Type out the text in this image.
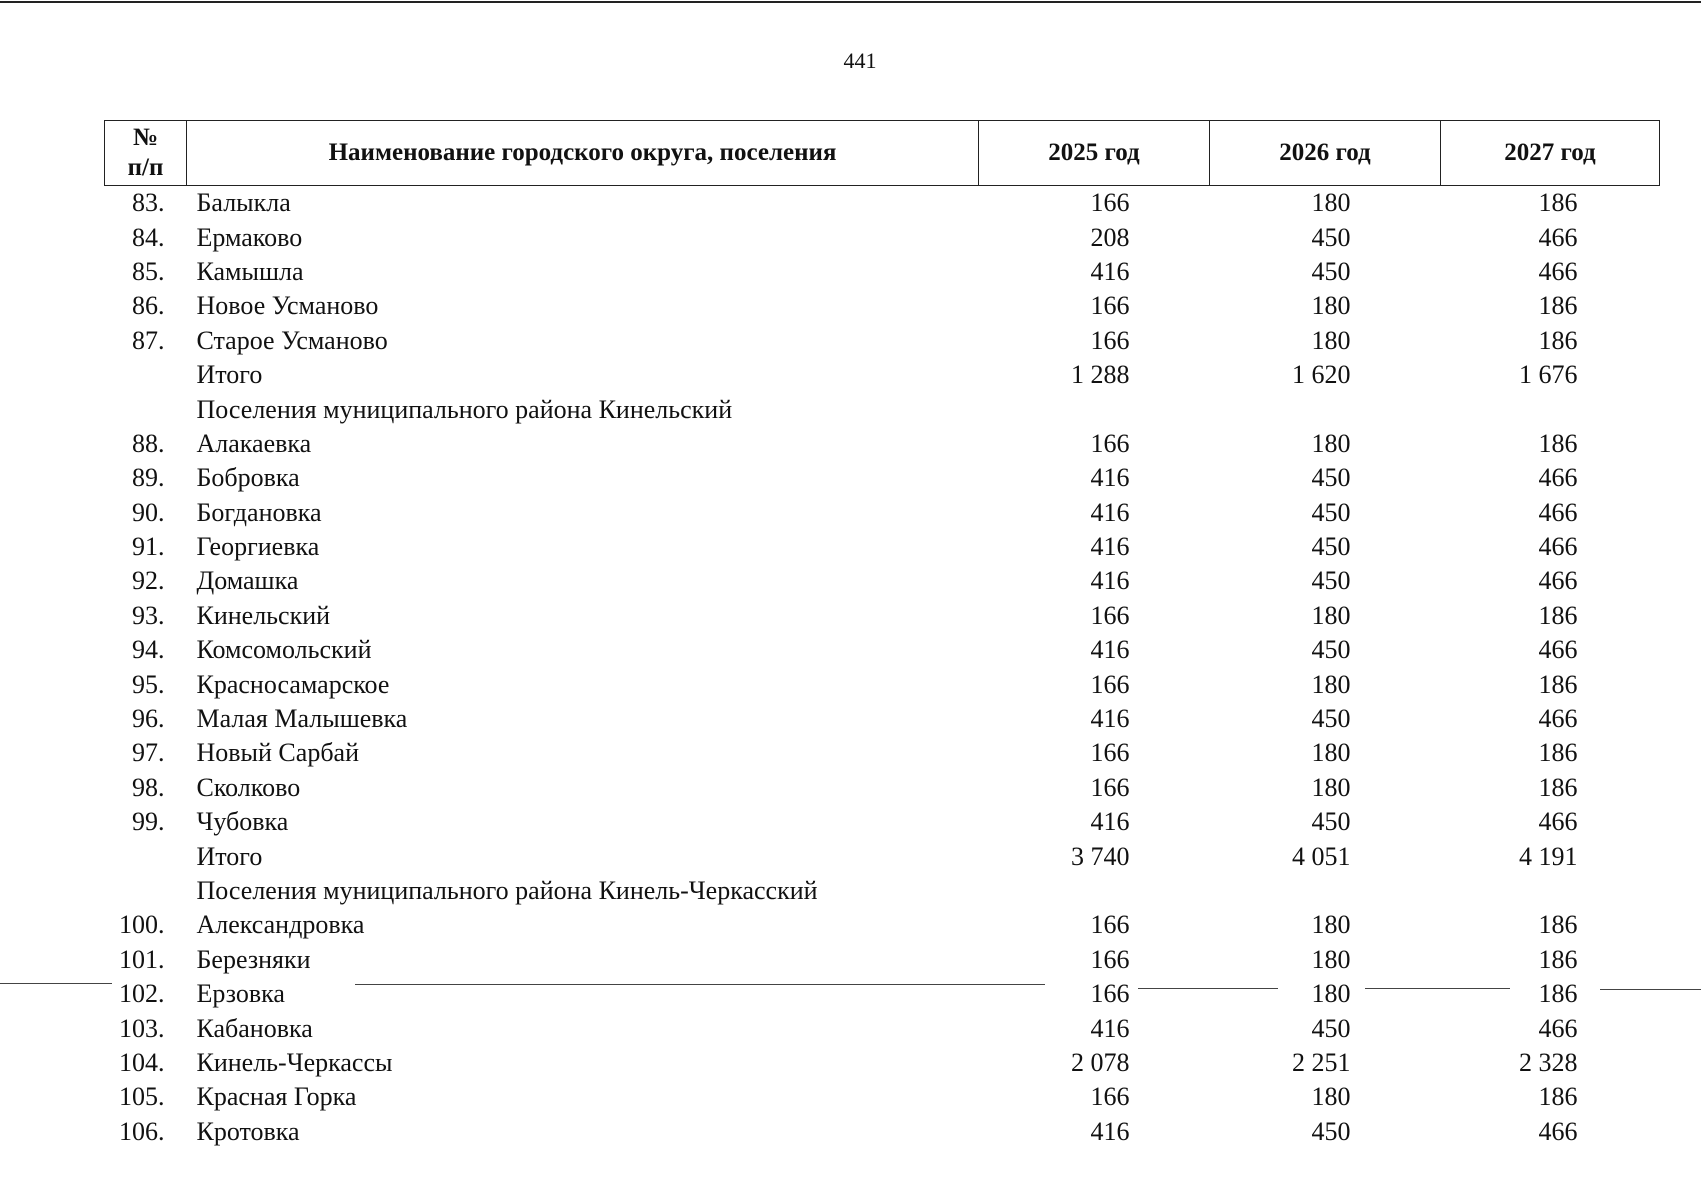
441
№
п/п	Наименование городского округа, поселения	2025 год	2026 год	2027 год
83.	Балыкла	166	180	186
84.	Ермаково	208	450	466
85.	Камышла	416	450	466
86.	Новое Усманово	166	180	186
87.	Старое Усманово	166	180	186
	Итого	1 288	1 620	1 676
	Поселения муниципального района Кинельский			
88.	Алакаевка	166	180	186
89.	Бобровка	416	450	466
90.	Богдановка	416	450	466
91.	Георгиевка	416	450	466
92.	Домашка	416	450	466
93.	Кинельский	166	180	186
94.	Комсомольский	416	450	466
95.	Красносамарское	166	180	186
96.	Малая Малышевка	416	450	466
97.	Новый Сарбай	166	180	186
98.	Сколково	166	180	186
99.	Чубовка	416	450	466
	Итого	3 740	4 051	4 191
	Поселения муниципального района Кинель-Черкасский			
100.	Александровка	166	180	186
101.	Березняки	166	180	186
102.	Ерзовка	166	180	186
103.	Кабановка	416	450	466
104.	Кинель-Черкассы	2 078	2 251	2 328
105.	Красная Горка	166	180	186
106.	Кротовка	416	450	466
